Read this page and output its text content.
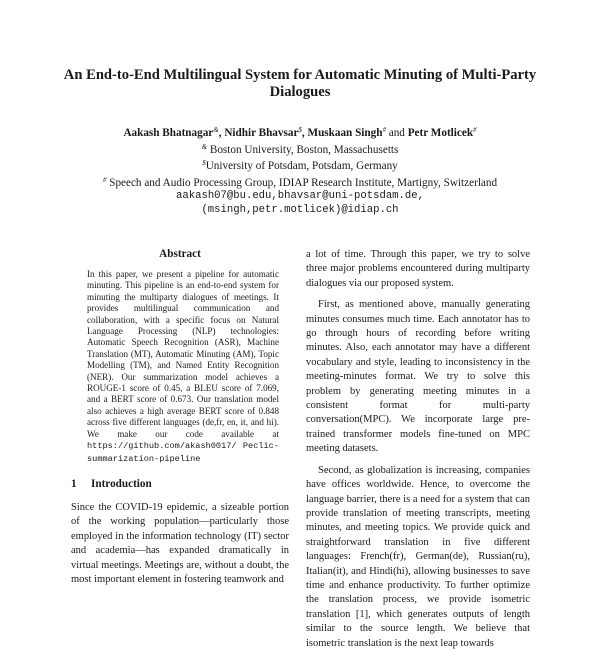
An End-to-End Multilingual System for Automatic Minuting of Multi-Party Dialogues
Aakash Bhatnagar&, Nidhir Bhavsar$, Muskaan Singh# and Petr Motlicek#
& Boston University, Boston, Massachusetts
$University of Potsdam, Potsdam, Germany
# Speech and Audio Processing Group, IDIAP Research Institute, Martigny, Switzerland
aakash07@bu.edu,bhavsar@uni-potsdam.de,
(msingh,petr.motlicek)@idiap.ch
Abstract
In this paper, we present a pipeline for automatic minuting. This pipeline is an end-to-end system for minuting the multiparty dialogues of meetings. It provides multilingual communication and collaboration, with a specific focus on Natural Language Processing (NLP) technologies: Automatic Speech Recognition (ASR), Machine Translation (MT), Automatic Minuting (AM), Topic Modelling (TM), and Named Entity Recognition (NER). Our summarization model achieves a ROUGE-1 score of 0.45, a BLEU score of 7.069, and a BERT score of 0.673. Our translation model also achieves a high average BERT score of 0.848 across five different languages (de,fr, en, it, and hi). We make our code available at https://github.com/akash0017/ Peclic-summarization-pipeline
1 Introduction

Since the COVID-19 epidemic, a sizeable portion of the working population—particularly those employed in the information technology (IT) sector and academia—has expanded dramatically in virtual meetings. Meetings are, without a doubt, the most important element in fostering teamwork and

a lot of time. Through this paper, we try to solve three major problems encountered during multiparty dialogues via our proposed system.

First, as mentioned above, manually generating minutes consumes much time. Each annotator has to go through hours of recording before writing minutes. Also, each annotator may have a different vocabulary and style, leading to inconsistency in the meeting-minutes format. We try to solve this problem by generating meeting minutes in a consistent format for multi-party conversation(MPC). We incorporate large pre-trained transformer models fine-tuned on MPC meeting datasets.

Second, as globalization is increasing, companies have offices worldwide. Hence, to overcome the language barrier, there is a need for a system that can provide translation of meeting transcripts, meeting minutes, and meeting topics. We provide quick and straightforward translation in five different languages: French(fr), German(de), Russian(ru), Italian(it), and Hindi(hi), allowing businesses to save time and enhance productivity. To further optimize the translation process, we provide isometric translation [1], which generates outputs of length similar to the source length. We believe that isometric translation is the next leap towards
